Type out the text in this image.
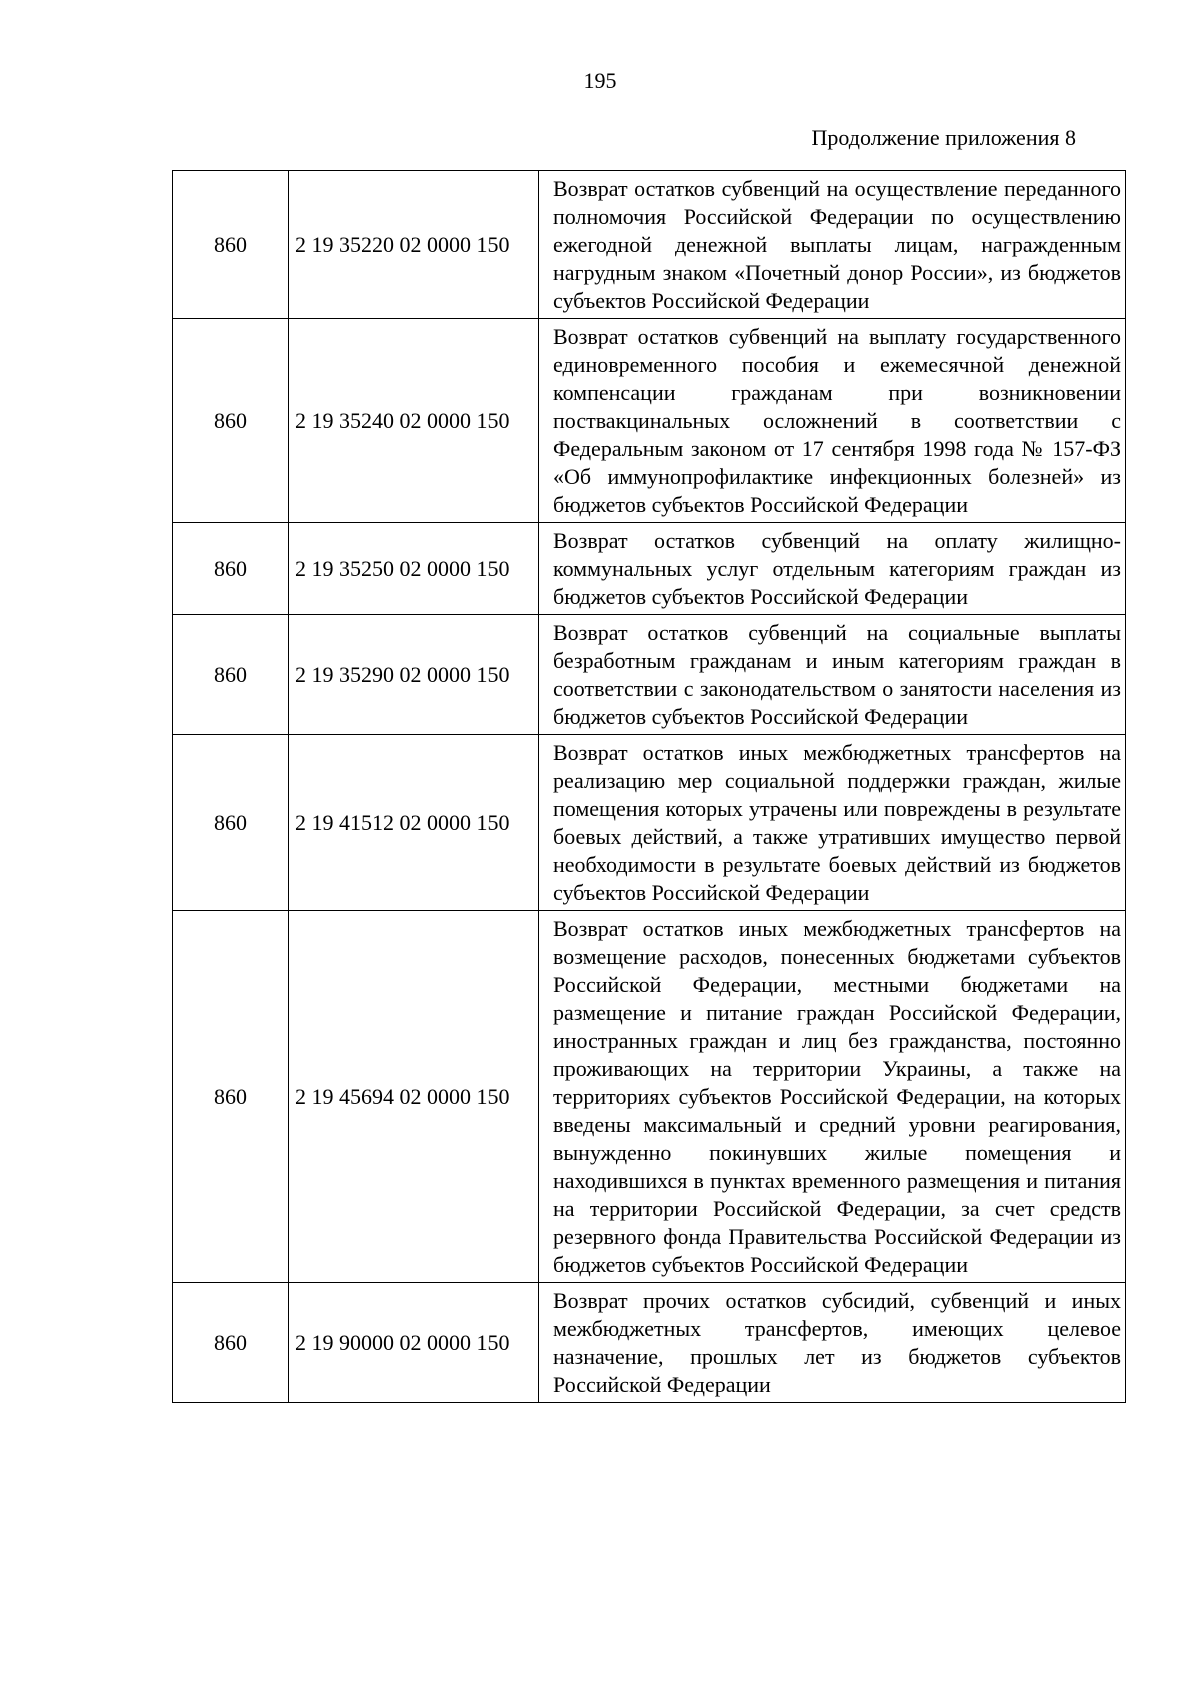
195
Продолжение приложения 8
860	2 19 35220 02 0000 150	Возврат остатков субвенций на осуществление переданного полномочия Российской Федерации по осуществлению ежегодной денежной выплаты лицам, награжденным нагрудным знаком «Почетный донор России», из бюджетов субъектов Российской Федерации
860	2 19 35240 02 0000 150	Возврат остатков субвенций на выплату государственного единовременного пособия и ежемесячной денежной компенсации гражданам при возникновении поствакцинальных осложнений в соответствии с Федеральным законом от 17 сентября 1998 года № 157-ФЗ «Об иммунопрофилактике инфекционных болезней» из бюджетов субъектов Российской Федерации
860	2 19 35250 02 0000 150	Возврат остатков субвенций на оплату жилищно-коммунальных услуг отдельным категориям граждан из бюджетов субъектов Российской Федерации
860	2 19 35290 02 0000 150	Возврат остатков субвенций на социальные выплаты безработным гражданам и иным категориям граждан в соответствии с законодательством о занятости населения из бюджетов субъектов Российской Федерации
860	2 19 41512 02 0000 150	Возврат остатков иных межбюджетных трансфертов на реализацию мер социальной поддержки граждан, жилые помещения которых утрачены или повреждены в результате боевых действий, а также утративших имущество первой необходимости в результате боевых действий из бюджетов субъектов Российской Федерации
860	2 19 45694 02 0000 150	Возврат остатков иных межбюджетных трансфертов на возмещение расходов, понесенных бюджетами субъектов Российской Федерации, местными бюджетами на размещение и питание граждан Российской Федерации, иностранных граждан и лиц без гражданства, постоянно проживающих на территории Украины, а также на территориях субъектов Российской Федерации, на которых введены максимальный и средний уровни реагирования, вынужденно покинувших жилые помещения и находившихся в пунктах временного размещения и питания на территории Российской Федерации, за счет средств резервного фонда Правительства Российской Федерации из бюджетов субъектов Российской Федерации
860	2 19 90000 02 0000 150	Возврат прочих остатков субсидий, субвенций и иных межбюджетных трансфертов, имеющих целевое назначение, прошлых лет из бюджетов субъектов Российской Федерации
